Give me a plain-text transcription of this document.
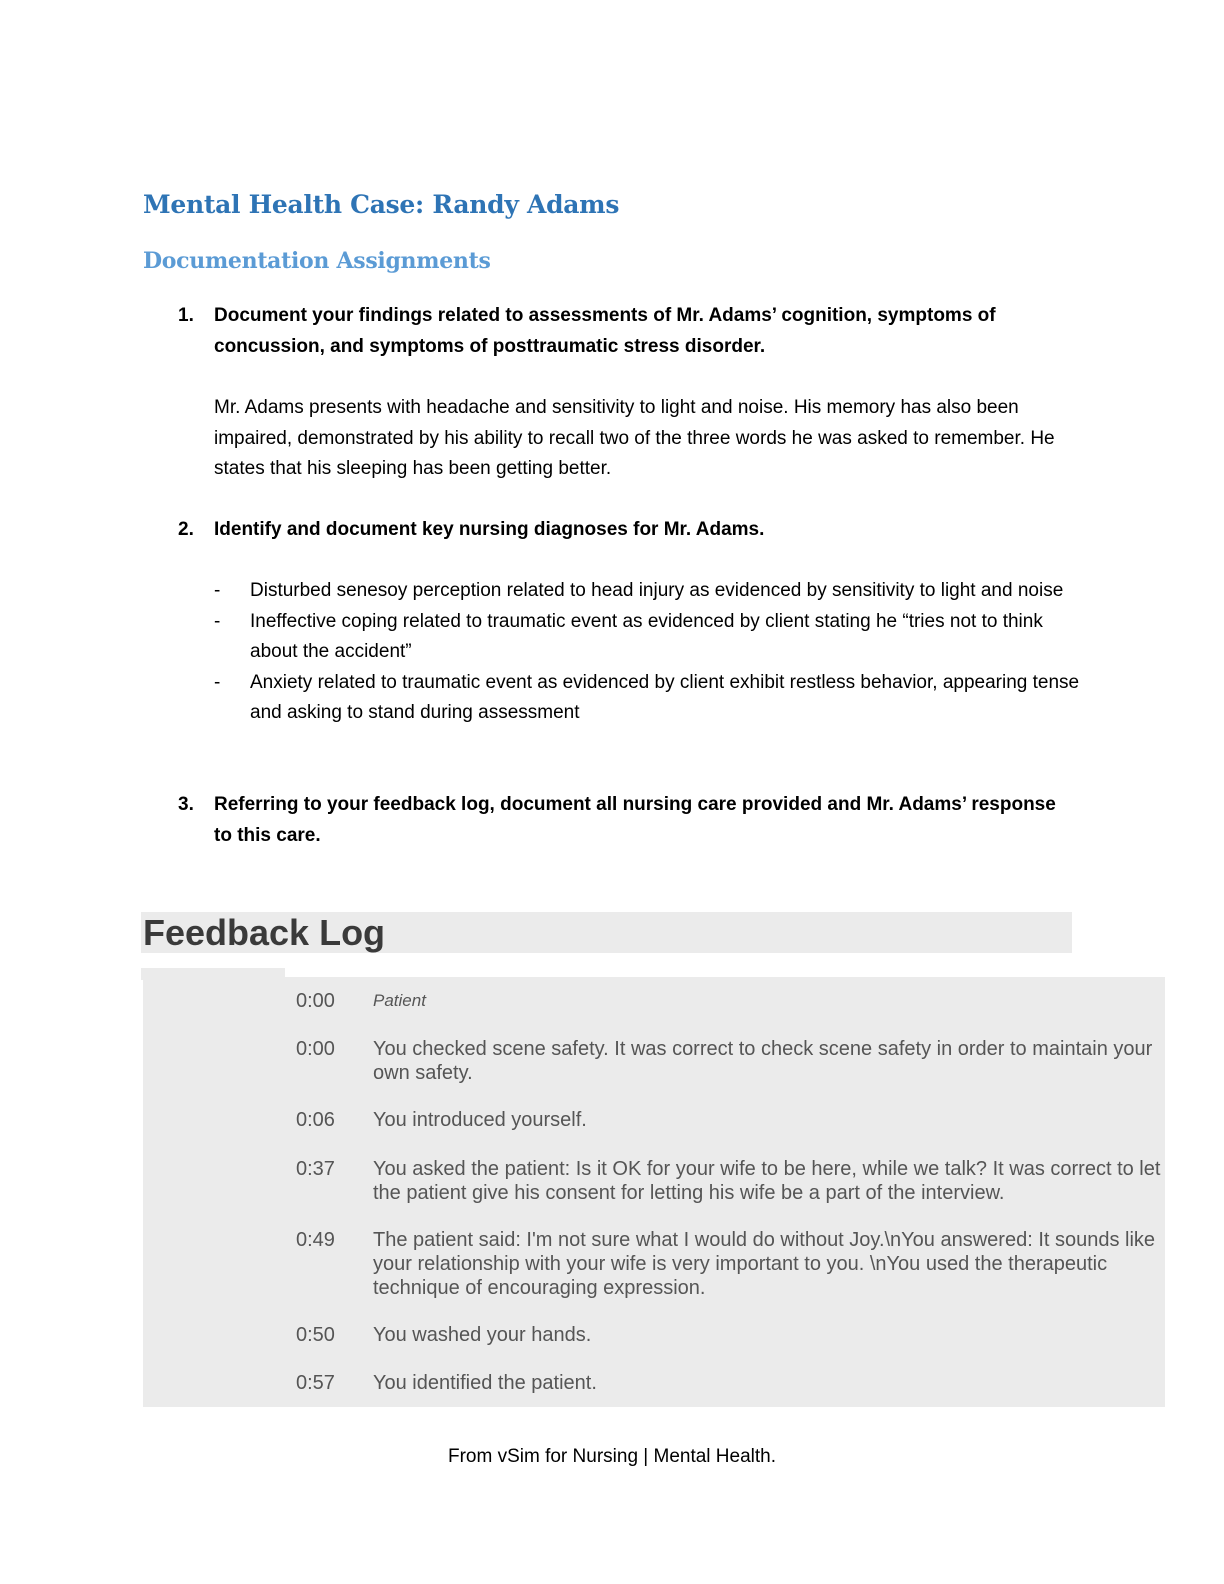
Mental Health Case: Randy Adams
Documentation Assignments
1. Document your findings related to assessments of Mr. Adams’ cognition, symptoms of concussion, and symptoms of posttraumatic stress disorder.
Mr. Adams presents with headache and sensitivity to light and noise. His memory has also been impaired, demonstrated by his ability to recall two of the three words he was asked to remember. He states that his sleeping has been getting better.
2. Identify and document key nursing diagnoses for Mr. Adams.
- Disturbed senesoy perception related to head injury as evidenced by sensitivity to light and noise
- Ineffective coping related to traumatic event as evidenced by client stating he “tries not to think about the accident”
- Anxiety related to traumatic event as evidenced by client exhibit restless behavior, appearing tense and asking to stand during assessment
3. Referring to your feedback log, document all nursing care provided and Mr. Adams’ response to this care.
Feedback Log
0:00 Patient
0:00 You checked scene safety. It was correct to check scene safety in order to maintain your own safety.
0:06 You introduced yourself.
0:37 You asked the patient: Is it OK for your wife to be here, while we talk? It was correct to let the patient give his consent for letting his wife be a part of the interview.
0:49 The patient said: I'm not sure what I would do without Joy.\nYou answered: It sounds like your relationship with your wife is very important to you. \nYou used the therapeutic technique of encouraging expression.
0:50 You washed your hands.
0:57 You identified the patient.
From vSim for Nursing | Mental Health.
